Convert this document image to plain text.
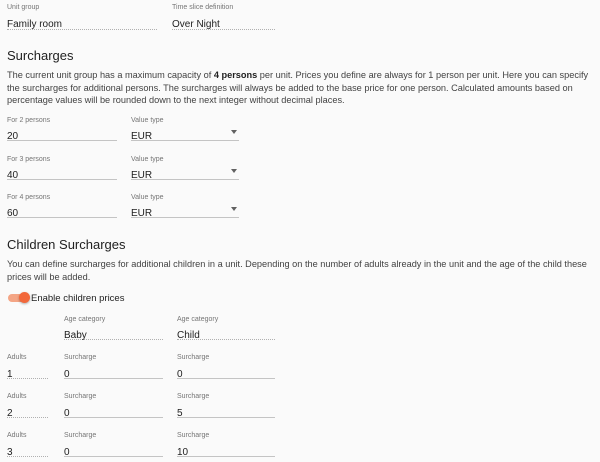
Unit group
Family room
Time slice definition
Over Night
Surcharges
The current unit group has a maximum capacity of 4 persons per unit. Prices you define are always for 1 person per unit. Here you can specify the surcharges for additional persons. The surcharges will always be added to the base price for one person. Calculated amounts based on percentage values will be rounded down to the next integer without decimal places.
For 2 persons
20
Value type
EUR
For 3 persons
40
Value type
EUR
For 4 persons
60
Value type
EUR
Children Surcharges
You can define surcharges for additional children in a unit. Depending on the number of adults already in the unit and the age of the child these prices will be added.
Enable children prices
Age category
Baby
Age category
Child
Adults
1
Surcharge
0
Surcharge
0
Adults
2
Surcharge
0
Surcharge
5
Adults
3
Surcharge
0
Surcharge
10
